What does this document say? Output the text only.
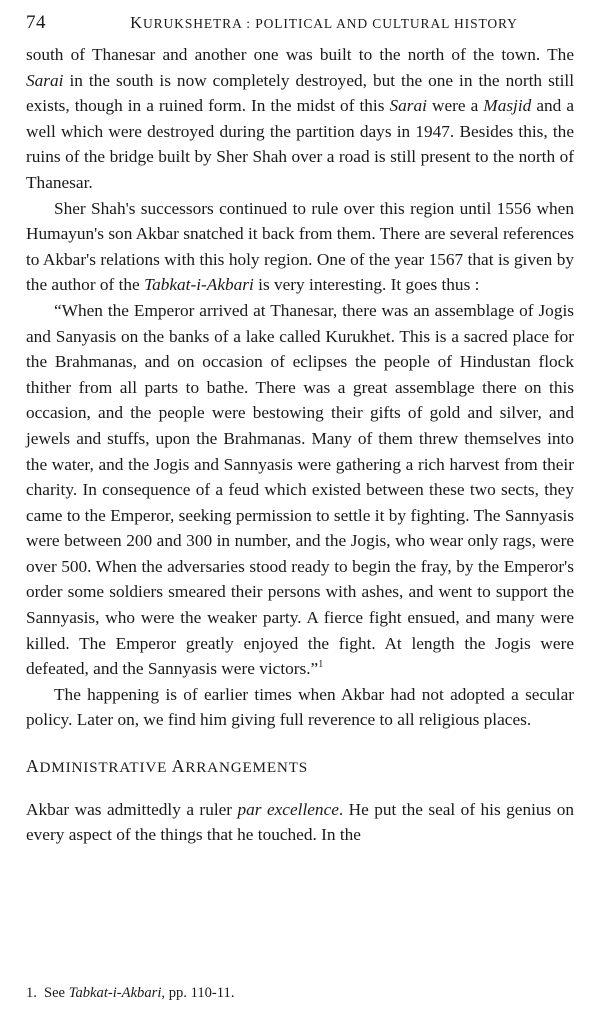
74	KURUKSHETRA : POLITICAL AND CULTURAL HISTORY

south of Thanesar and another one was built to the north of the town. The Sarai in the south is now completely destroyed, but the one in the north still exists, though in a ruined form. In the midst of this Sarai were a Masjid and a well which were destroyed during the partition days in 1947. Besides this, the ruins of the bridge built by Sher Shah over a road is still present to the north of Thanesar.

Sher Shah's successors continued to rule over this region until 1556 when Humayun's son Akbar snatched it back from them. There are several references to Akbar's relations with this holy region. One of the year 1567 that is given by the author of the Tabkat-i-Akbari is very interesting. It goes thus :

“When the Emperor arrived at Thanesar, there was an assemblage of Jogis and Sanyasis on the banks of a lake called Kurukhet. This is a sacred place for the Brahmanas, and on occasion of eclipses the people of Hindustan flock thither from all parts to bathe. There was a great assemblage there on this occasion, and the people were bestowing their gifts of gold and silver, and jewels and stuffs, upon the Brahmanas. Many of them threw themselves into the water, and the Jogis and Sannyasis were gathering a rich harvest from their charity. In consequence of a feud which existed between these two sects, they came to the Emperor, seeking permission to settle it by fighting. The Sannyasis were between 200 and 300 in number, and the Jogis, who wear only rags, were over 500. When the adversaries stood ready to begin the fray, by the Emperor's order some soldiers smeared their persons with ashes, and went to support the Sannyasis, who were the weaker party. A fierce fight ensued, and many were killed. The Emperor greatly enjoyed the fight. At length the Jogis were defeated, and the Sannyasis were victors.”$^1$

The happening is of earlier times when Akbar had not adopted a secular policy. Later on, we find him giving full reverence to all religious places.

ADMINISTRATIVE ARRANGEMENTS

Akbar was admittedly a ruler par excellence. He put the seal of his genius on every aspect of the things that he touched. In the

1. See Tabkat-i-Akbari, pp. 110-11.
